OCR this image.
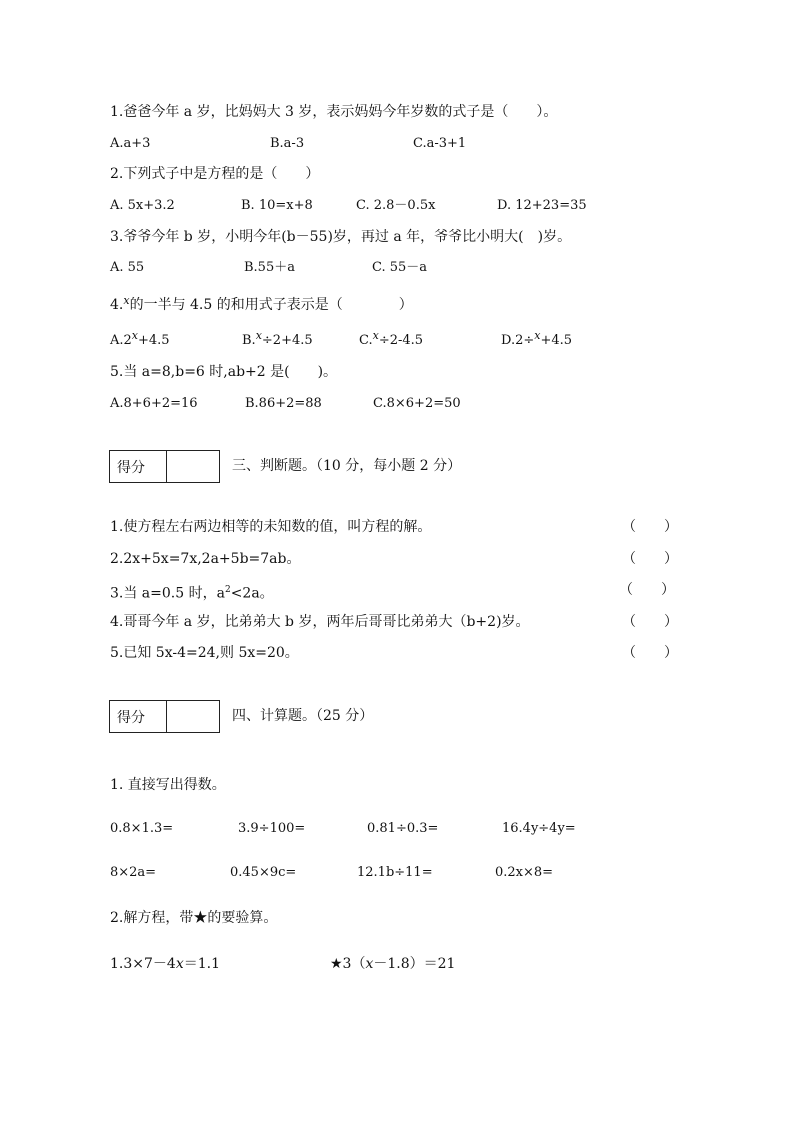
1.爸爸今年 a 岁，比妈妈大 3 岁，表示妈妈今年岁数的式子是（　　）。
A.a+3	B.a-3	C.a-3+1
2.下列式子中是方程的是（　　）
A. 5x+3.2	B. 10=x+8	C. 2.8－0.5x	D. 12+23=35
3.爷爷今年 b 岁，小明今年(b－55)岁，再过 a 年，爷爷比小明大(　)岁。
A. 55	B.55＋a	C. 55－a
4.$^x$的一半与 4.5 的和用式子表示是（　　　　）
$A.2^x+4.5$	B.$^x$÷2+4.5	C.$^x$÷2-4.5	D.2÷$^x$+4.5
5.当 a=8,b=6 时,ab+2 是(　　)。
A.8+6+2=16	B.86+2=88	C.8×6+2=50
得分	三、判断题。（10 分，每小题 2 分）
1.使方程左右两边相等的未知数的值，叫方程的解。	（　　）
2.2x+5x=7x,2a+5b=7ab。	（　　）
3.当 a=0.5 时，$a^2<2a$。	（　　）
4.哥哥今年 a 岁，比弟弟大 b 岁，两年后哥哥比弟弟大（b+2)岁。	（　　）
5.已知 5x-4=24,则 5x=20。	（　　）
得分	四、计算题。（25 分）
1. 直接写出得数。
0.8×1.3=	3.9÷100=	0.81÷0.3=	16.4y÷4y=
8×2a=	0.45×9c=	12.1b÷11=	0.2x×8=
2.解方程，带★的要验算。
1.3×7－4x＝1.1	★3（x－1.8）＝21
